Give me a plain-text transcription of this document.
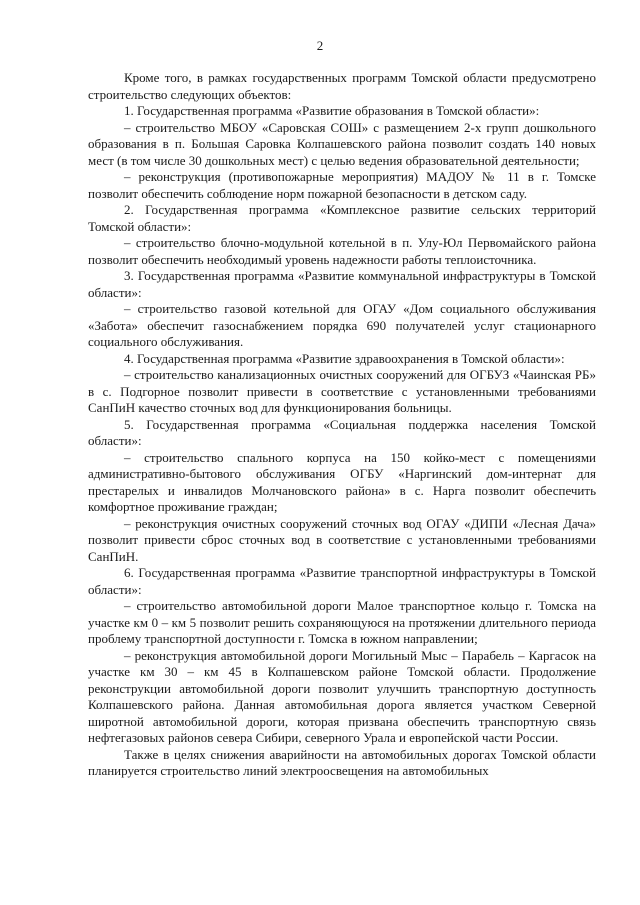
2

Кроме того, в рамках государственных программ Томской области предусмотрено строительство следующих объектов:

1. Государственная программа «Развитие образования в Томской области»:

– строительство МБОУ «Саровская СОШ» с размещением 2-х групп дошкольного образования в п. Большая Саровка Колпашевского района позволит создать 140 новых мест (в том числе 30 дошкольных мест) с целью ведения образовательной деятельности;

– реконструкция (противопожарные мероприятия) МАДОУ № 11 в г. Томске позволит обеспечить соблюдение норм пожарной безопасности в детском саду.

2. Государственная программа «Комплексное развитие сельских территорий Томской области»:

– строительство блочно-модульной котельной в п. Улу-Юл Первомайского района позволит обеспечить необходимый уровень надежности работы теплоисточника.

3. Государственная программа «Развитие коммунальной инфраструктуры в Томской области»:

– строительство газовой котельной для ОГАУ «Дом социального обслуживания «Забота» обеспечит газоснабжением порядка 690 получателей услуг стационарного социального обслуживания.

4. Государственная программа «Развитие здравоохранения в Томской области»:

– строительство канализационных очистных сооружений для ОГБУЗ «Чаинская РБ» в с. Подгорное позволит привести в соответствие с установленными требованиями СанПиН качество сточных вод для функционирования больницы.

5. Государственная программа «Социальная поддержка населения Томской области»:

– строительство спального корпуса на 150 койко-мест с помещениями административно-бытового обслуживания ОГБУ «Наргинский дом-интернат для престарелых и инвалидов Молчановского района» в с. Нарга позволит обеспечить комфортное проживание граждан;

– реконструкция очистных сооружений сточных вод ОГАУ «ДИПИ «Лесная Дача» позволит привести сброс сточных вод в соответствие с установленными требованиями СанПиН.

6. Государственная программа «Развитие транспортной инфраструктуры в Томской области»:

– строительство автомобильной дороги Малое транспортное кольцо г. Томска на участке км 0 – км 5 позволит решить сохраняющуюся на протяжении длительного периода проблему транспортной доступности г. Томска в южном направлении;

– реконструкция автомобильной дороги Могильный Мыс – Парабель – Каргасок на участке км 30 – км 45 в Колпашевском районе Томской области. Продолжение реконструкции автомобильной дороги позволит улучшить транспортную доступность Колпашевского района. Данная автомобильная дорога является участком Северной широтной автомобильной дороги, которая призвана обеспечить транспортную связь нефтегазовых районов севера Сибири, северного Урала и европейской части России.

Также в целях снижения аварийности на автомобильных дорогах Томской области планируется строительство линий электроосвещения на автомобильных
